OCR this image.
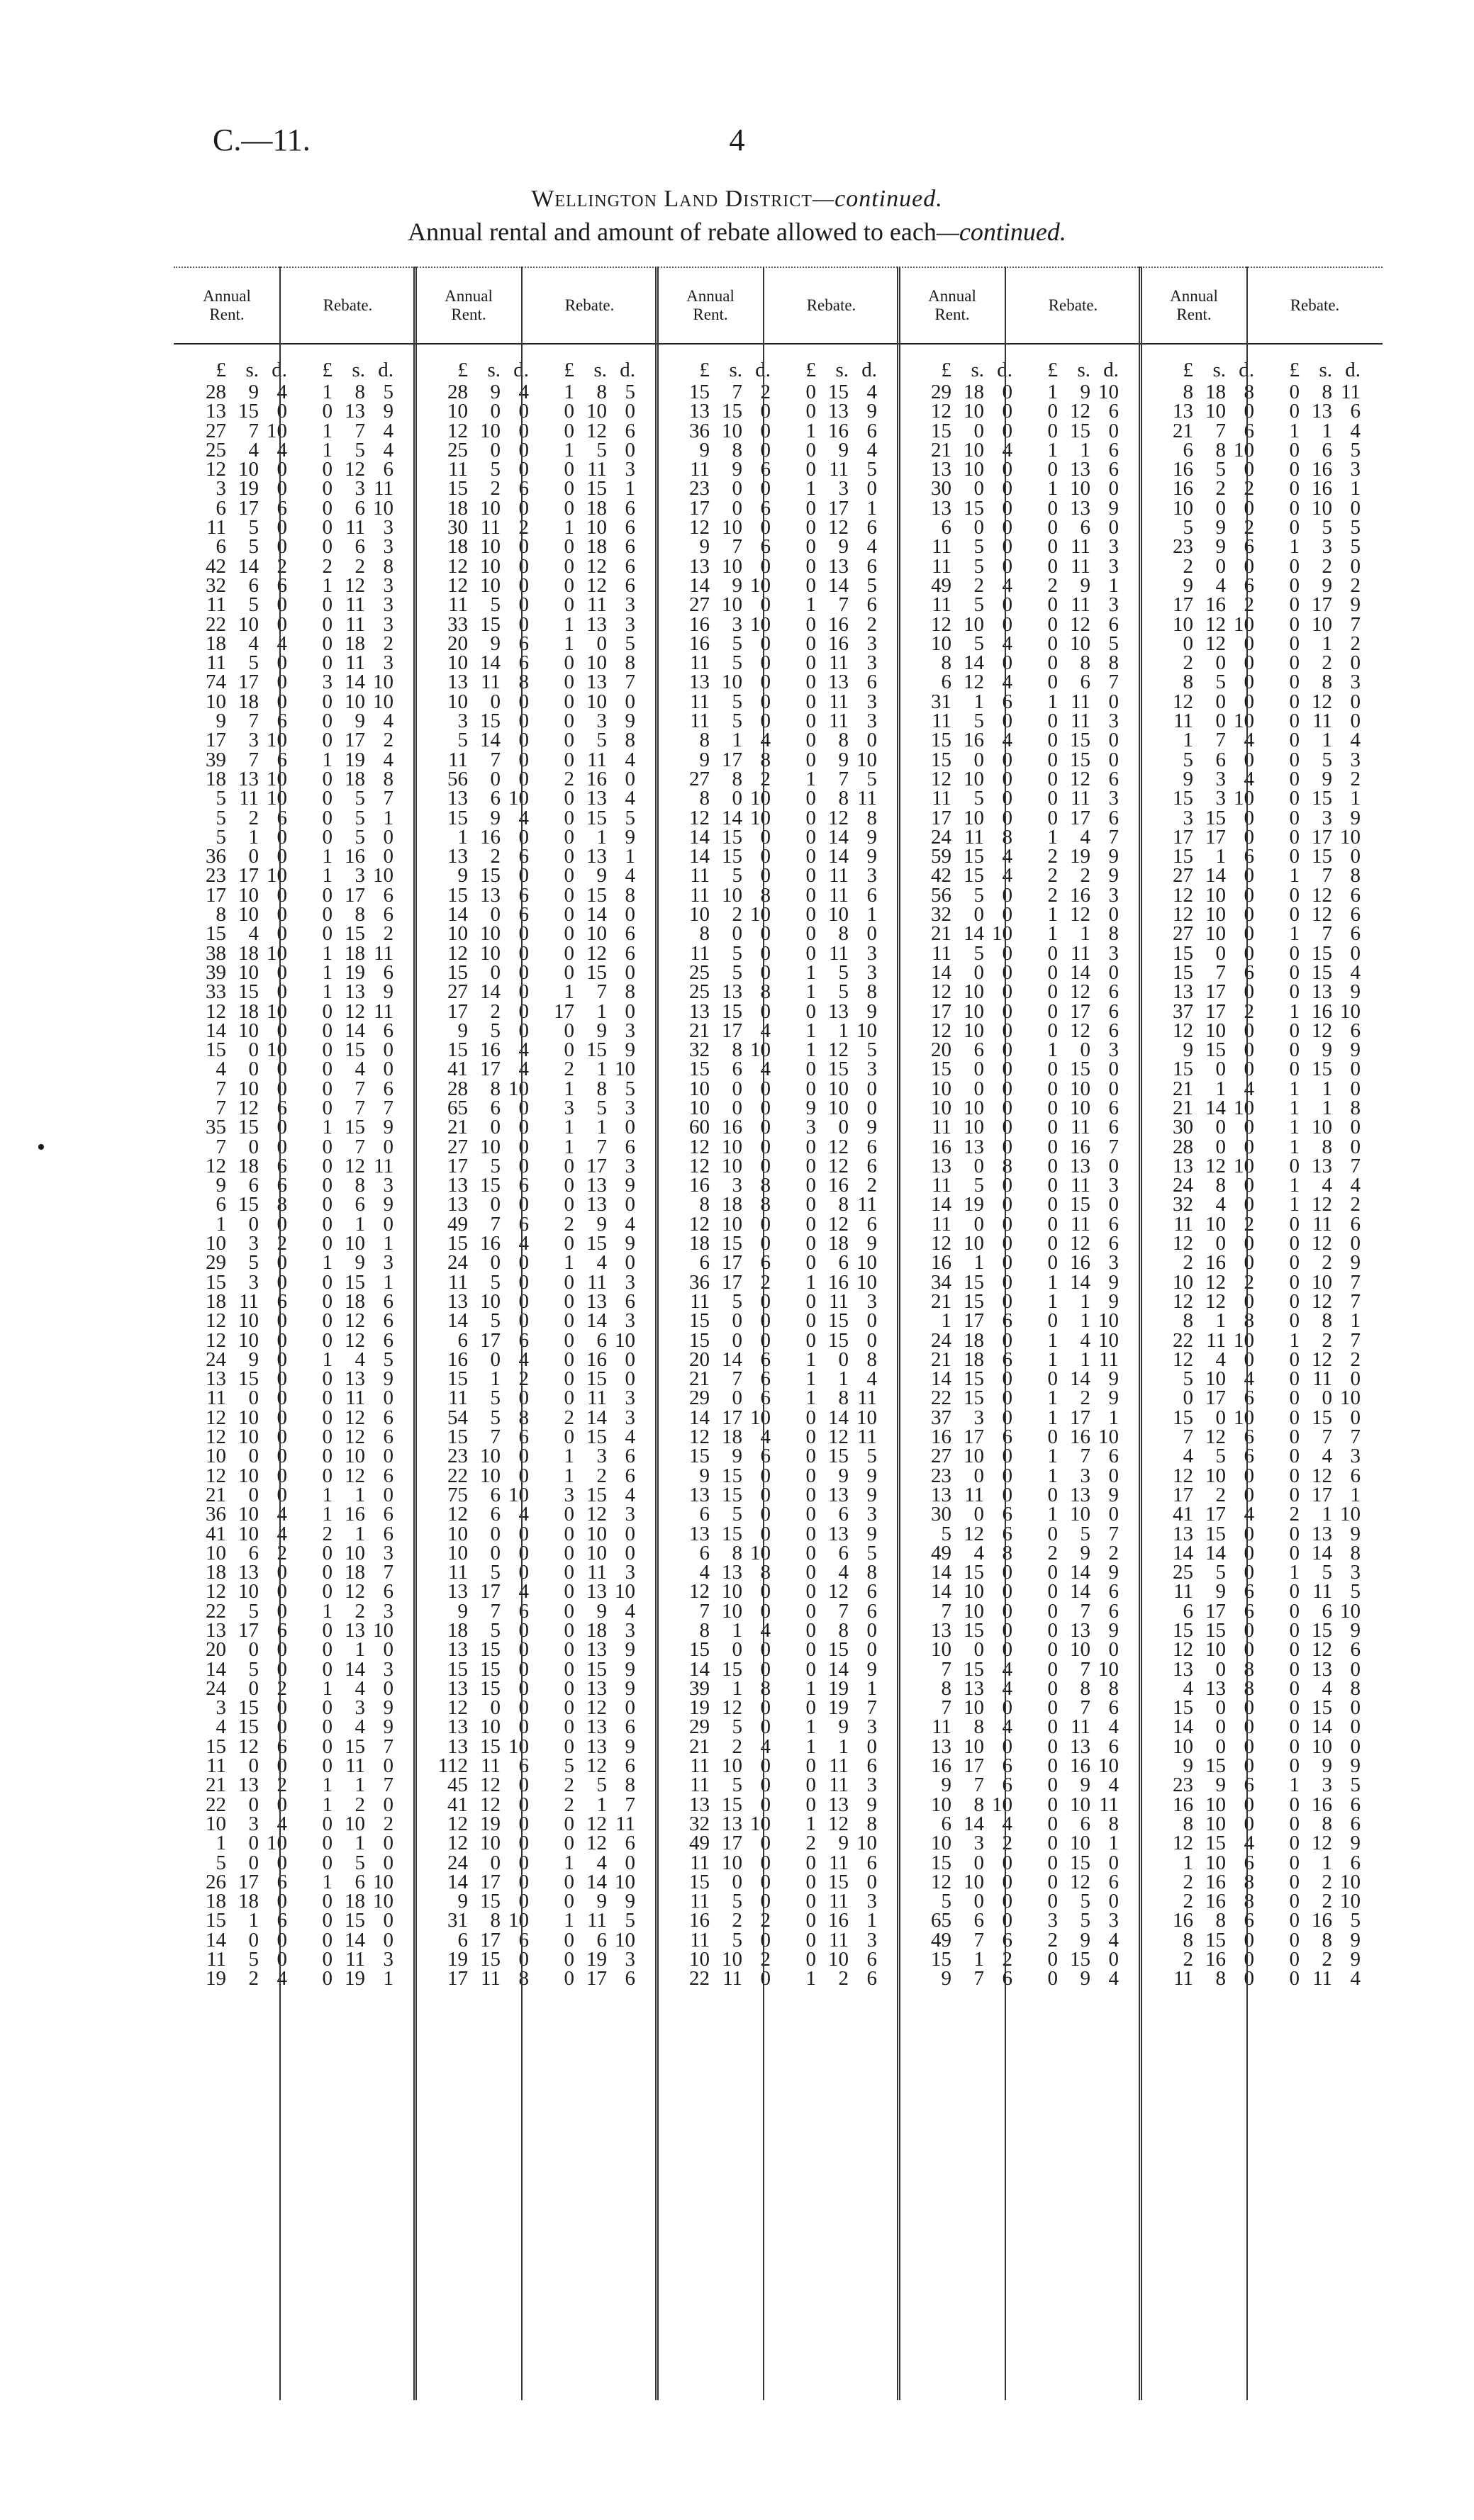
C.—11.	4
Wellington Land District—continued.
Annual rental and amount of rebate allowed to each—continued.
•
Annual
Rent.
£ s. d.
28 9 4
13 15 0
27 7 10
25 4 4
12 10 0
3 19 0
6 17 6
11 5 0
6 5 0
42 14 2
32 6 6
11 5 0
22 10 0
18 4 4
11 5 0
74 17 0
10 18 0
9 7 6
17 3 10
39 7 6
18 13 10
5 11 10
5 2 6
5 1 0
36 0 0
23 17 10
17 10 0
8 10 0
15 4 0
38 18 10
39 10 0
33 15 0
12 18 10
14 10 0
15 0 10
4 0 0
7 10 0
7 12 6
35 15 0
7 0 0
12 18 6
9 6 6
6 15 8
1 0 0
10 3 2
29 5 0
15 3 0
18 11 6
12 10 0
12 10 0
24 9 0
13 15 0
11 0 0
12 10 0
12 10 0
10 0 0
12 10 0
21 0 0
36 10 4
41 10 4
10 6 2
18 13 0
12 10 0
22 5 0
13 17 6
20 0 0
14 5 0
24 0 2
3 15 0
4 15 0
15 12 6
11 0 0
21 13 2
22 0 0
10 3 4
1 0 10
5 0 0
26 17 6
18 18 0
15 1 6
14 0 0
11 5 0
19 2 4
Rebate.
£ s. d.
1 8 5
0 13 9
1 7 4
1 5 4
0 12 6
0 3 11
0 6 10
0 11 3
0 6 3
2 2 8
1 12 3
0 11 3
0 11 3
0 18 2
0 11 3
3 14 10
0 10 10
0 9 4
0 17 2
1 19 4
0 18 8
0 5 7
0 5 1
0 5 0
1 16 0
1 3 10
0 17 6
0 8 6
0 15 2
1 18 11
1 19 6
1 13 9
0 12 11
0 14 6
0 15 0
0 4 0
0 7 6
0 7 7
1 15 9
0 7 0
0 12 11
0 8 3
0 6 9
0 1 0
0 10 1
1 9 3
0 15 1
0 18 6
0 12 6
0 12 6
1 4 5
0 13 9
0 11 0
0 12 6
0 12 6
0 10 0
0 12 6
1 1 0
1 16 6
2 1 6
0 10 3
0 18 7
0 12 6
1 2 3
0 13 10
0 1 0
0 14 3
1 4 0
0 3 9
0 4 9
0 15 7
0 11 0
1 1 7
1 2 0
0 10 2
0 1 0
0 5 0
1 6 10
0 18 10
0 15 0
0 14 0
0 11 3
0 19 1
Annual
Rent.
£ s. d.
28 9 4
10 0 0
12 10 0
25 0 0
11 5 0
15 2 6
18 10 0
30 11 2
18 10 0
12 10 0
12 10 0
11 5 0
33 15 0
20 9 6
10 14 6
13 11 8
10 0 0
3 15 0
5 14 0
11 7 0
56 0 0
13 6 10
15 9 4
1 16 0
13 2 6
9 15 0
15 13 6
14 0 6
10 10 0
12 10 0
15 0 0
27 14 0
17 2 0
9 5 0
15 16 4
41 17 4
28 8 10
65 6 0
21 0 0
27 10 0
17 5 0
13 15 6
13 0 0
49 7 6
15 16 4
24 0 0
11 5 0
13 10 0
14 5 0
6 17 6
16 0 4
15 1 2
11 5 0
54 5 8
15 7 6
23 10 0
22 10 0
75 6 10
12 6 4
10 0 0
10 0 0
11 5 0
13 17 4
9 7 6
18 5 0
13 15 0
15 15 0
13 15 0
12 0 0
13 10 0
13 15 10
112 11 6
45 12 0
41 12 0
12 19 0
12 10 0
24 0 0
14 17 0
9 15 0
31 8 10
6 17 6
19 15 0
17 11 8
Rebate.
£ s. d.
1 8 5
0 10 0
0 12 6
1 5 0
0 11 3
0 15 1
0 18 6
1 10 6
0 18 6
0 12 6
0 12 6
0 11 3
1 13 3
1 0 5
0 10 8
0 13 7
0 10 0
0 3 9
0 5 8
0 11 4
2 16 0
0 13 4
0 15 5
0 1 9
0 13 1
0 9 4
0 15 8
0 14 0
0 10 6
0 12 6
0 15 0
1 7 8
17 1 0
0 9 3
0 15 9
2 1 10
1 8 5
3 5 3
1 1 0
1 7 6
0 17 3
0 13 9
0 13 0
2 9 4
0 15 9
1 4 0
0 11 3
0 13 6
0 14 3
0 6 10
0 16 0
0 15 0
0 11 3
2 14 3
0 15 4
1 3 6
1 2 6
3 15 4
0 12 3
0 10 0
0 10 0
0 11 3
0 13 10
0 9 4
0 18 3
0 13 9
0 15 9
0 13 9
0 12 0
0 13 6
0 13 9
5 12 6
2 5 8
2 1 7
0 12 11
0 12 6
1 4 0
0 14 10
0 9 9
1 11 5
0 6 10
0 19 3
0 17 6
Annual
Rent.
£ s. d.
15 7 2
13 15 0
36 10 0
9 8 0
11 9 6
23 0 0
17 0 6
12 10 0
9 7 6
13 10 0
14 9 10
27 10 0
16 3 10
16 5 0
11 5 0
13 10 0
11 5 0
11 5 0
8 1 4
9 17 8
27 8 2
8 0 10
12 14 10
14 15 0
14 15 0
11 5 0
11 10 8
10 2 10
8 0 0
11 5 0
25 5 0
25 13 8
13 15 0
21 17 4
32 8 10
15 6 4
10 0 0
10 0 0
60 16 0
12 10 0
12 10 0
16 3 8
8 18 8
12 10 0
18 15 0
6 17 6
36 17 2
11 5 0
15 0 0
15 0 0
20 14 6
21 7 6
29 0 6
14 17 10
12 18 4
15 9 6
9 15 0
13 15 0
6 5 0
13 15 0
6 8 10
4 13 8
12 10 0
7 10 0
8 1 4
15 0 0
14 15 0
39 1 8
19 12 0
29 5 0
21 2 4
11 10 0
11 5 0
13 15 0
32 13 10
49 17 0
11 10 0
15 0 0
11 5 0
16 2 2
11 5 0
10 10 2
22 11 0
Rebate.
£ s. d.
0 15 4
0 13 9
1 16 6
0 9 4
0 11 5
1 3 0
0 17 1
0 12 6
0 9 4
0 13 6
0 14 5
1 7 6
0 16 2
0 16 3
0 11 3
0 13 6
0 11 3
0 11 3
0 8 0
0 9 10
1 7 5
0 8 11
0 12 8
0 14 9
0 14 9
0 11 3
0 11 6
0 10 1
0 8 0
0 11 3
1 5 3
1 5 8
0 13 9
1 1 10
1 12 5
0 15 3
0 10 0
9 10 0
3 0 9
0 12 6
0 12 6
0 16 2
0 8 11
0 12 6
0 18 9
0 6 10
1 16 10
0 11 3
0 15 0
0 15 0
1 0 8
1 1 4
1 8 11
0 14 10
0 12 11
0 15 5
0 9 9
0 13 9
0 6 3
0 13 9
0 6 5
0 4 8
0 12 6
0 7 6
0 8 0
0 15 0
0 14 9
1 19 1
0 19 7
1 9 3
1 1 0
0 11 6
0 11 3
0 13 9
1 12 8
2 9 10
0 11 6
0 15 0
0 11 3
0 16 1
0 11 3
0 10 6
1 2 6
Annual
Rent.
£ s. d.
29 18 0
12 10 0
15 0 0
21 10 4
13 10 0
30 0 0
13 15 0
6 0 0
11 5 0
11 5 0
49 2 4
11 5 0
12 10 0
10 5 4
8 14 0
6 12 4
31 1 6
11 5 0
15 16 4
15 0 0
12 10 0
11 5 0
17 10 0
24 11 8
59 15 4
42 15 4
56 5 0
32 0 0
21 14 10
11 5 0
14 0 0
12 10 0
17 10 0
12 10 0
20 6 0
15 0 0
10 0 0
10 10 0
11 10 0
16 13 0
13 0 8
11 5 0
14 19 0
11 0 0
12 10 0
16 1 0
34 15 0
21 15 0
1 17 6
24 18 0
21 18 6
14 15 0
22 15 0
37 3 0
16 17 6
27 10 0
23 0 0
13 11 0
30 0 6
5 12 6
49 4 8
14 15 0
14 10 0
7 10 0
13 15 0
10 0 0
7 15 4
8 13 4
7 10 0
11 8 4
13 10 0
16 17 6
9 7 6
10 8 10
6 14 4
10 3 2
15 0 0
12 10 0
5 0 0
65 6 0
49 7 6
15 1 2
9 7 6
Rebate.
£ s. d.
1 9 10
0 12 6
0 15 0
1 1 6
0 13 6
1 10 0
0 13 9
0 6 0
0 11 3
0 11 3
2 9 1
0 11 3
0 12 6
0 10 5
0 8 8
0 6 7
1 11 0
0 11 3
0 15 0
0 15 0
0 12 6
0 11 3
0 17 6
1 4 7
2 19 9
2 2 9
2 16 3
1 12 0
1 1 8
0 11 3
0 14 0
0 12 6
0 17 6
0 12 6
1 0 3
0 15 0
0 10 0
0 10 6
0 11 6
0 16 7
0 13 0
0 11 3
0 15 0
0 11 6
0 12 6
0 16 3
1 14 9
1 1 9
0 1 10
1 4 10
1 1 11
0 14 9
1 2 9
1 17 1
0 16 10
1 7 6
1 3 0
0 13 9
1 10 0
0 5 7
2 9 2
0 14 9
0 14 6
0 7 6
0 13 9
0 10 0
0 7 10
0 8 8
0 7 6
0 11 4
0 13 6
0 16 10
0 9 4
0 10 11
0 6 8
0 10 1
0 15 0
0 12 6
0 5 0
3 5 3
2 9 4
0 15 0
0 9 4
Annual
Rent.
£ s. d.
8 18 8
13 10 0
21 7 6
6 8 10
16 5 0
16 2 2
10 0 0
5 9 2
23 9 6
2 0 0
9 4 6
17 16 2
10 12 10
0 12 0
2 0 0
8 5 0
12 0 0
11 0 10
1 7 4
5 6 0
9 3 4
15 3 10
3 15 0
17 17 0
15 1 6
27 14 0
12 10 0
12 10 0
27 10 0
15 0 0
15 7 6
13 17 0
37 17 2
12 10 0
9 15 0
15 0 0
21 1 4
21 14 10
30 0 0
28 0 0
13 12 10
24 8 0
32 4 0
11 10 2
12 0 0
2 16 0
10 12 2
12 12 0
8 1 8
22 11 10
12 4 0
5 10 4
0 17 6
15 0 10
7 12 6
4 5 6
12 10 0
17 2 0
41 17 4
13 15 0
14 14 0
25 5 0
11 9 6
6 17 6
15 15 0
12 10 0
13 0 8
4 13 8
15 0 0
14 0 0
10 0 0
9 15 0
23 9 6
16 10 0
8 10 0
12 15 4
1 10 6
2 16 8
2 16 8
16 8 6
8 15 0
2 16 0
11 8 0
Rebate.
£ s. d.
0 8 11
0 13 6
1 1 4
0 6 5
0 16 3
0 16 1
0 10 0
0 5 5
1 3 5
0 2 0
0 9 2
0 17 9
0 10 7
0 1 2
0 2 0
0 8 3
0 12 0
0 11 0
0 1 4
0 5 3
0 9 2
0 15 1
0 3 9
0 17 10
0 15 0
1 7 8
0 12 6
0 12 6
1 7 6
0 15 0
0 15 4
0 13 9
1 16 10
0 12 6
0 9 9
0 15 0
1 1 0
1 1 8
1 10 0
1 8 0
0 13 7
1 4 4
1 12 2
0 11 6
0 12 0
0 2 9
0 10 7
0 12 7
0 8 1
1 2 7
0 12 2
0 11 0
0 0 10
0 15 0
0 7 7
0 4 3
0 12 6
0 17 1
2 1 10
0 13 9
0 14 8
1 5 3
0 11 5
0 6 10
0 15 9
0 12 6
0 13 0
0 4 8
0 15 0
0 14 0
0 10 0
0 9 9
1 3 5
0 16 6
0 8 6
0 12 9
0 1 6
0 2 10
0 2 10
0 16 5
0 8 9
0 2 9
0 11 4
